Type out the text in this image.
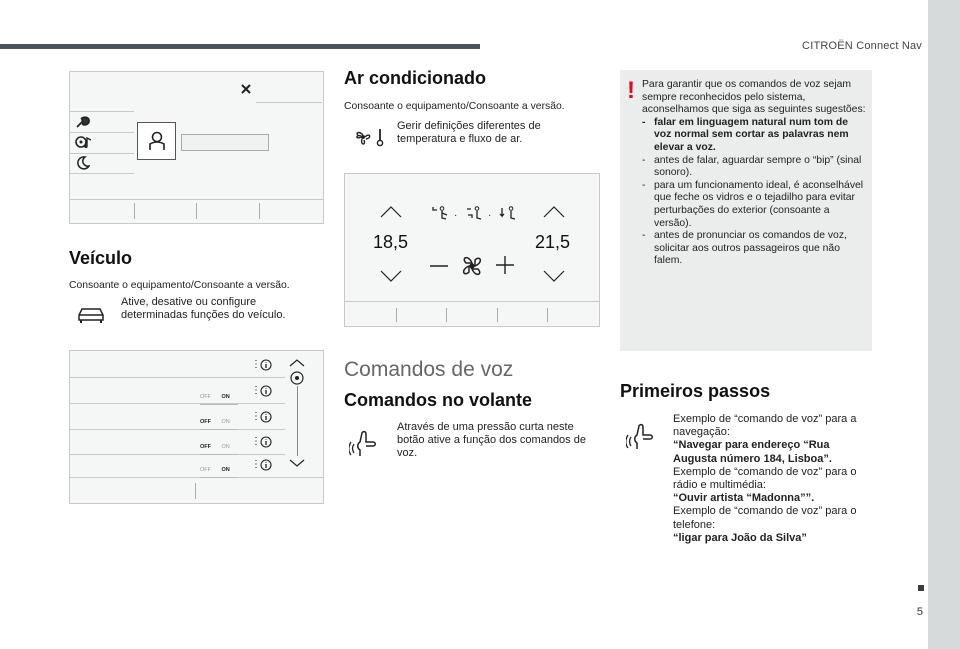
CITROËN Connect Nav
5
Veículo
Consoante o equipamento/Consoante a versão.
Ative, desative ou configure determinadas funções do veículo.
⋮
OFF ON
⋮
OFF ON	⋮
OFF ON	⋮
OFF ON	⋮
Ar condicionado
Consoante o equipamento/Consoante a versão.
Gerir definições diferentes de temperatura e fluxo de ar.
·	·
18,5	21,5
Comandos de voz
Comandos no volante
Através de uma pressão curta neste botão ative a função dos comandos de voz.
! Para garantir que os comandos de voz sejam sempre reconhecidos pelo sistema, aconselhamos que siga as seguintes sugestões:
- falar em linguagem natural num tom de voz normal sem cortar as palavras nem elevar a voz.
- antes de falar, aguardar sempre o “bip” (sinal sonoro).
- para um funcionamento ideal, é aconselhável que feche os vidros e o tejadilho para evitar perturbações do exterior (consoante a versão).
- antes de pronunciar os comandos de voz, solicitar aos outros passageiros que não falem.
Primeiros passos
Exemplo de “comando de voz” para a navegação:
“Navegar para endereço “Rua Augusta número 184, Lisboa”.
Exemplo de “comando de voz” para o rádio e multimédia:
“Ouvir artista “Madonna””.
Exemplo de “comando de voz” para o telefone:
“ligar para João da Silva”
